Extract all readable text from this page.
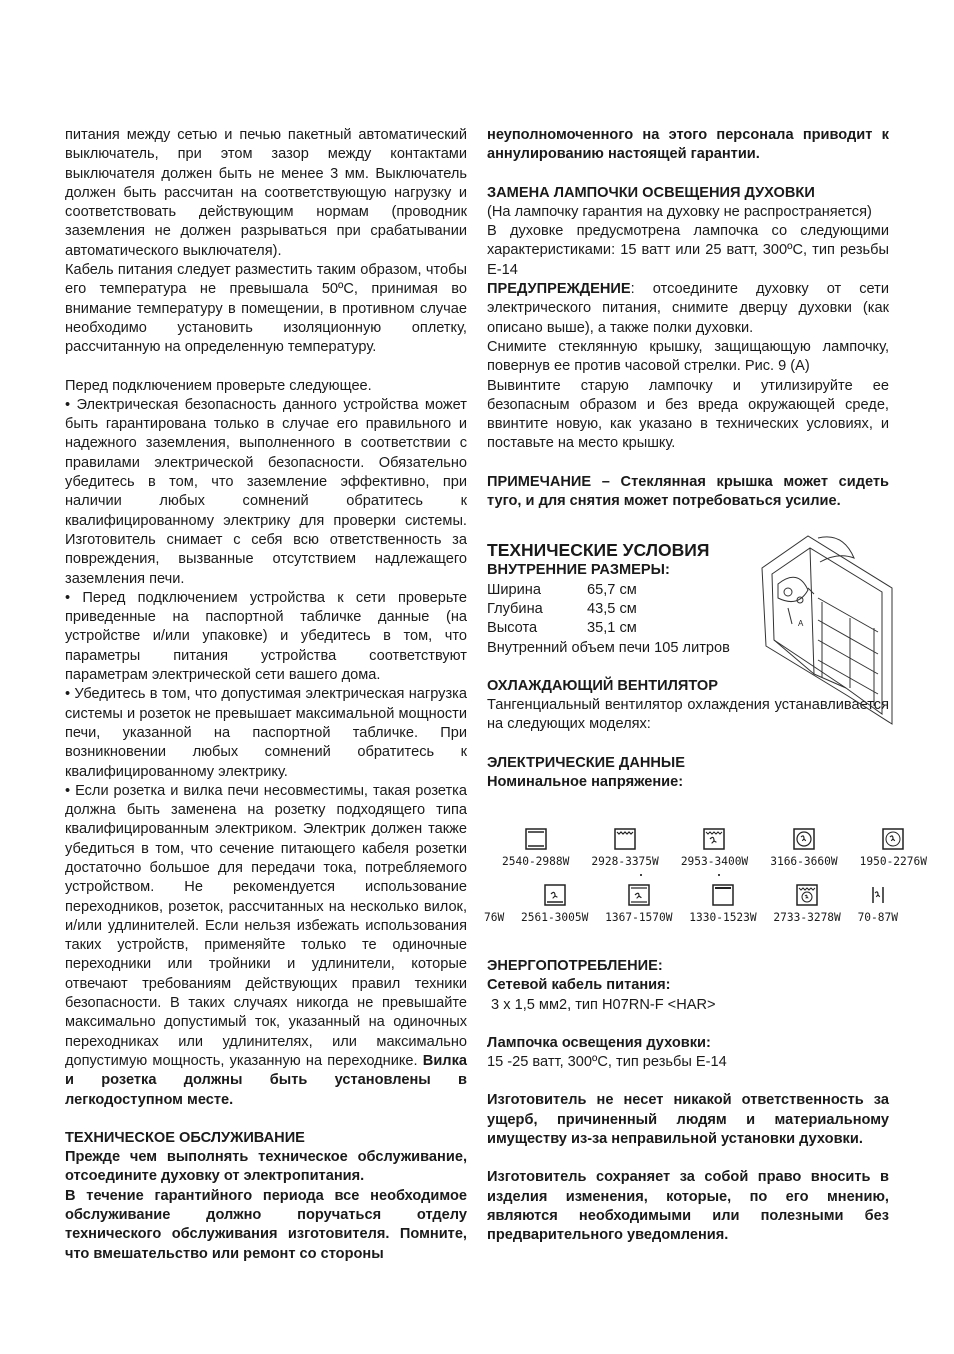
питания между сетью и печью пакетный автоматический выключатель, при этом зазор между контактами выключателя должен быть не менее 3 мм. Выключатель должен быть рассчитан на соответствующую нагрузку и соответствовать действующим нормам (проводник заземления не должен разрываться при срабатывании автоматического выключателя).

Кабель питания следует разместить таким образом, чтобы его температура не превышала 50ºC, принимая во внимание температуру в помещении, в противном случае необходимо установить изоляционную оплетку, рассчитанную на определенную температуру.

Перед подключением проверьте следующее.

• Электрическая безопасность данного устройства может быть гарантирована только в случае его правильного и надежного заземления, выполненного в соответствии с правилами электрической безопасности. Обязательно убедитесь в том, что заземление эффективно, при наличии любых сомнений обратитесь к квалифицированному электрику для проверки системы. Изготовитель снимает с себя всю ответственность за повреждения, вызванные отсутствием надлежащего заземления печи.

• Перед подключением устройства к сети проверьте приведенные на паспортной табличке данные (на устройстве и/или упаковке) и убедитесь в том, что параметры питания устройства соответствуют параметрам электрической сети вашего дома.

• Убедитесь в том, что допустимая электрическая нагрузка системы и розеток не превышает максимальной мощности печи, указанной на паспортной табличке. При возникновении любых сомнений обратитесь к квалифицированному электрику.

• Если розетка и вилка печи несовместимы, такая розетка должна быть заменена на розетку подходящего типа квалифицированным электриком. Электрик должен также убедиться в том, что сечение питающего кабеля розетки достаточно большое для передачи тока, потребляемого устройством. Не рекомендуется использование переходников, розеток, рассчитанных на несколько вилок, и/или удлинителей. Если нельзя избежать использования таких устройств, применяйте только те одиночные переходники или тройники и удлинители, которые отвечают требованиям действующих правил техники безопасности. В таких случаях никогда не превышайте максимально допустимый ток, указанный на одиночных переходниках или удлинителях, или максимально допустимую мощность, указанную на переходнике. Вилка и розетка должны быть установлены в легкодоступном месте.

ТЕХНИЧЕСКОЕ ОБСЛУЖИВАНИЕ

Прежде чем выполнять техническое обслуживание, отсоедините духовку от электропитания.

В течение гарантийного периода все необходимое обслуживание должно поручаться отделу технического обслуживания изготовителя. Помните, что вмешательство или ремонт со стороны

неуполномоченного на этого персонала приводит к аннулированию настоящей гарантии.

ЗАМЕНА ЛАМПОЧКИ ОСВЕЩЕНИЯ ДУХОВКИ

(На лампочку гарантия на духовку не распространяется)

В духовке предусмотрена лампочка со следующими характеристиками: 15 ватт или 25 ватт, 300ºC, тип резьбы E-14

ПРЕДУПРЕЖДЕНИЕ: отсоедините духовку от сети электрического питания, снимите дверцу духовки (как описано выше), а также полки духовки.

Снимите стеклянную крышку, защищающую лампочку, повернув ее против часовой стрелки. Рис. 9 (A)

Вывинтите старую лампочку и утилизируйте ее безопасным образом и без вреда окружающей среде, ввинтите новую, как указано в технических условиях, и поставьте на место крышку.

ПРИМЕЧАНИЕ – Стеклянная крышка может сидеть туго, и для снятия может потребоваться усилие.

ТЕХНИЧЕСКИЕ УСЛОВИЯ

ВНУТРЕННИЕ РАЗМЕРЫ:

Ширина	65,7 см
Глубина	43,5 см
Высота	35,1 см

Внутренний объем печи 105 литров

ОХЛАЖДАЮЩИЙ ВЕНТИЛЯТОР

Тангенциальный вентилятор охлаждения устанавливается на следующих моделях:

ЭЛЕКТРИЧЕСКИЕ ДАННЫЕ

Номинальное напряжение:

2540-2988W 2928-3375W 2953-3400W 3166-3660W 1950-2276W
76W 2561-3005W 1367-1570W 1330-1523W 2733-3278W 70-87W

ЭНЕРГОПОТРЕБЛЕНИЕ:

Сетевой кабель питания:

3 x 1,5 мм2, тип H07RN-F <HAR>

Лампочка освещения духовки:

15 -25 ватт, 300ºC, тип резьбы E-14

Изготовитель не несет никакой ответственность за ущерб, причиненный людям и материальному имуществу из-за неправильной установки духовки.

Изготовитель сохраняет за собой право вносить в изделия изменения, которые, по его мнению, являются необходимыми или полезными без предварительного уведомления.

A
